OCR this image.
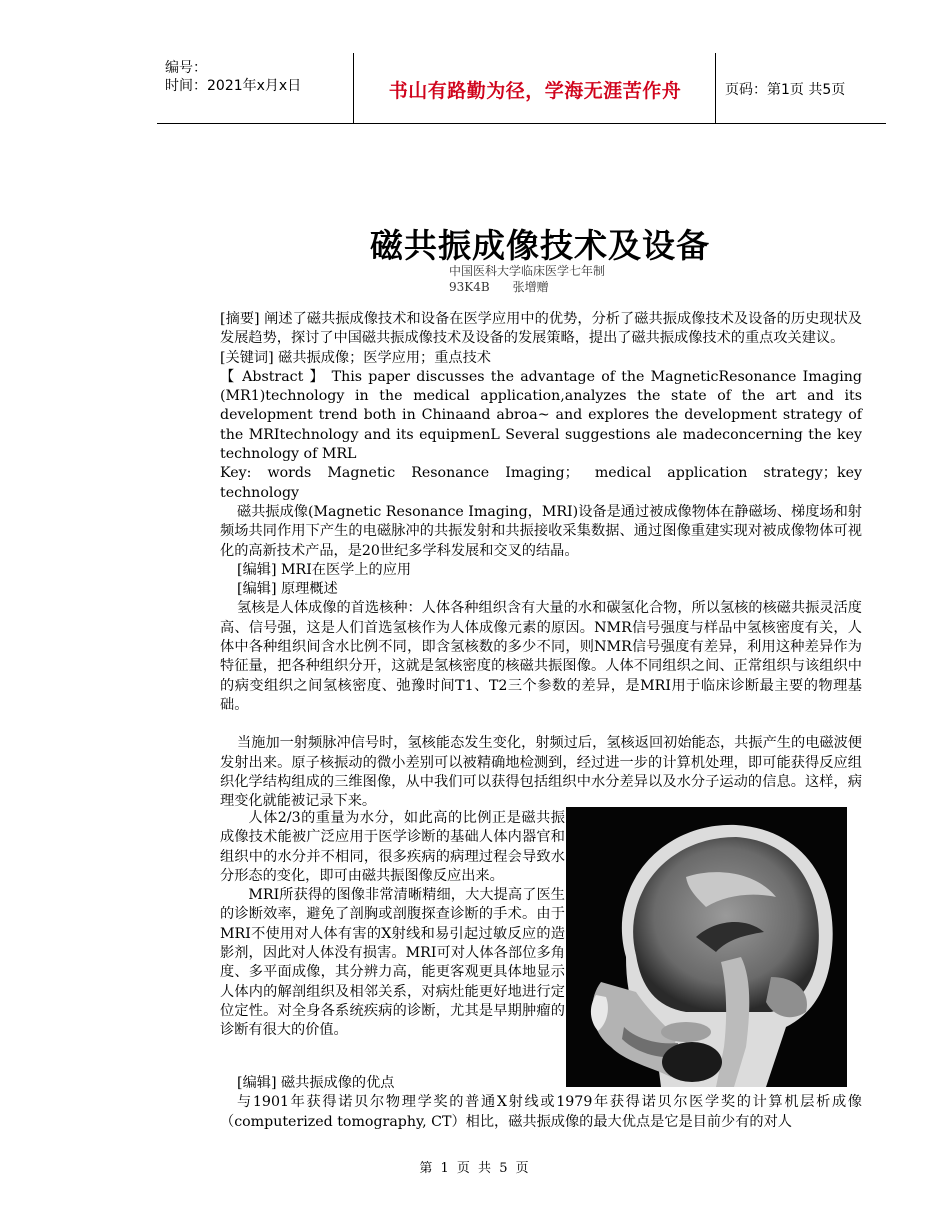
编号：
时间：2021年x月x日	书山有路勤为径，学海无涯苦作舟	页码：第1页 共5页
磁共振成像技术及设备
中国医科大学临床医学七年制
93K4B      张增赠

[摘要] 阐述了磁共振成像技术和设备在医学应用中的优势，分析了磁共振成像技术及设备的历史现状及发展趋势，探讨了中国磁共振成像技术及设备的发展策略，提出了磁共振成像技术的重点攻关建议。

[关键词] 磁共振成像；医学应用；重点技术

【 Abstract 】 This paper discusses the advantage of the MagneticResonance Imaging (MR1)technology in the medical application,analyzes the state of the art and its development trend both in Chinaand abroa~ and explores the development strategy of the MRItechnology and its equipmenL Several suggestions ale madeconcerning the key technology of MRL

Key: words Magnetic Resonance Imaging； medical application strategy；key technology

磁共振成像(Magnetic Resonance Imaging，MRI)设备是通过被成像物体在静磁场、梯度场和射频场共同作用下产生的电磁脉冲的共振发射和共振接收采集数据、通过图像重建实现对被成像物体可视化的高新技术产品，是20世纪多学科发展和交叉的结晶。

[编辑] MRI在医学上的应用

[编辑] 原理概述

氢核是人体成像的首选核种：人体各种组织含有大量的水和碳氢化合物，所以氢核的核磁共振灵活度高、信号强，这是人们首选氢核作为人体成像元素的原因。NMR信号强度与样品中氢核密度有关，人体中各种组织间含水比例不同，即含氢核数的多少不同，则NMR信号强度有差异，利用这种差异作为特征量，把各种组织分开，这就是氢核密度的核磁共振图像。人体不同组织之间、正常组织与该组织中的病变组织之间氢核密度、弛豫时间T1、T2三个参数的差异，是MRI用于临床诊断最主要的物理基础。

当施加一射频脉冲信号时，氢核能态发生变化，射频过后，氢核返回初始能态，共振产生的电磁波便发射出来。原子核振动的微小差别可以被精确地检测到，经过进一步的计算机处理，即可能获得反应组织化学结构组成的三维图像，从中我们可以获得包括组织中水分差异以及水分子运动的信息。这样，病理变化就能被记录下来。

人体2/3的重量为水分，如此高的比例正是磁共振成像技术能被广泛应用于医学诊断的基础人体内器官和组织中的水分并不相同，很多疾病的病理过程会导致水分形态的变化，即可由磁共振图像反应出来。

MRI所获得的图像非常清晰精细，大大提高了医生的诊断效率，避免了剖胸或剖腹探查诊断的手术。由于MRI不使用对人体有害的X射线和易引起过敏反应的造影剂，因此对人体没有损害。MRI可对人体各部位多角度、多平面成像，其分辨力高，能更客观更具体地显示人体内的解剖组织及相邻关系，对病灶能更好地进行定位定性。对全身各系统疾病的诊断，尤其是早期肿瘤的诊断有很大的价值。

[编辑] 磁共振成像的优点

与1901年获得诺贝尔物理学奖的普通X射线或1979年获得诺贝尔医学奖的计算机层析成像（computerized tomography, CT）相比，磁共振成像的最大优点是它是目前少有的对人

第 1 页 共 5 页
